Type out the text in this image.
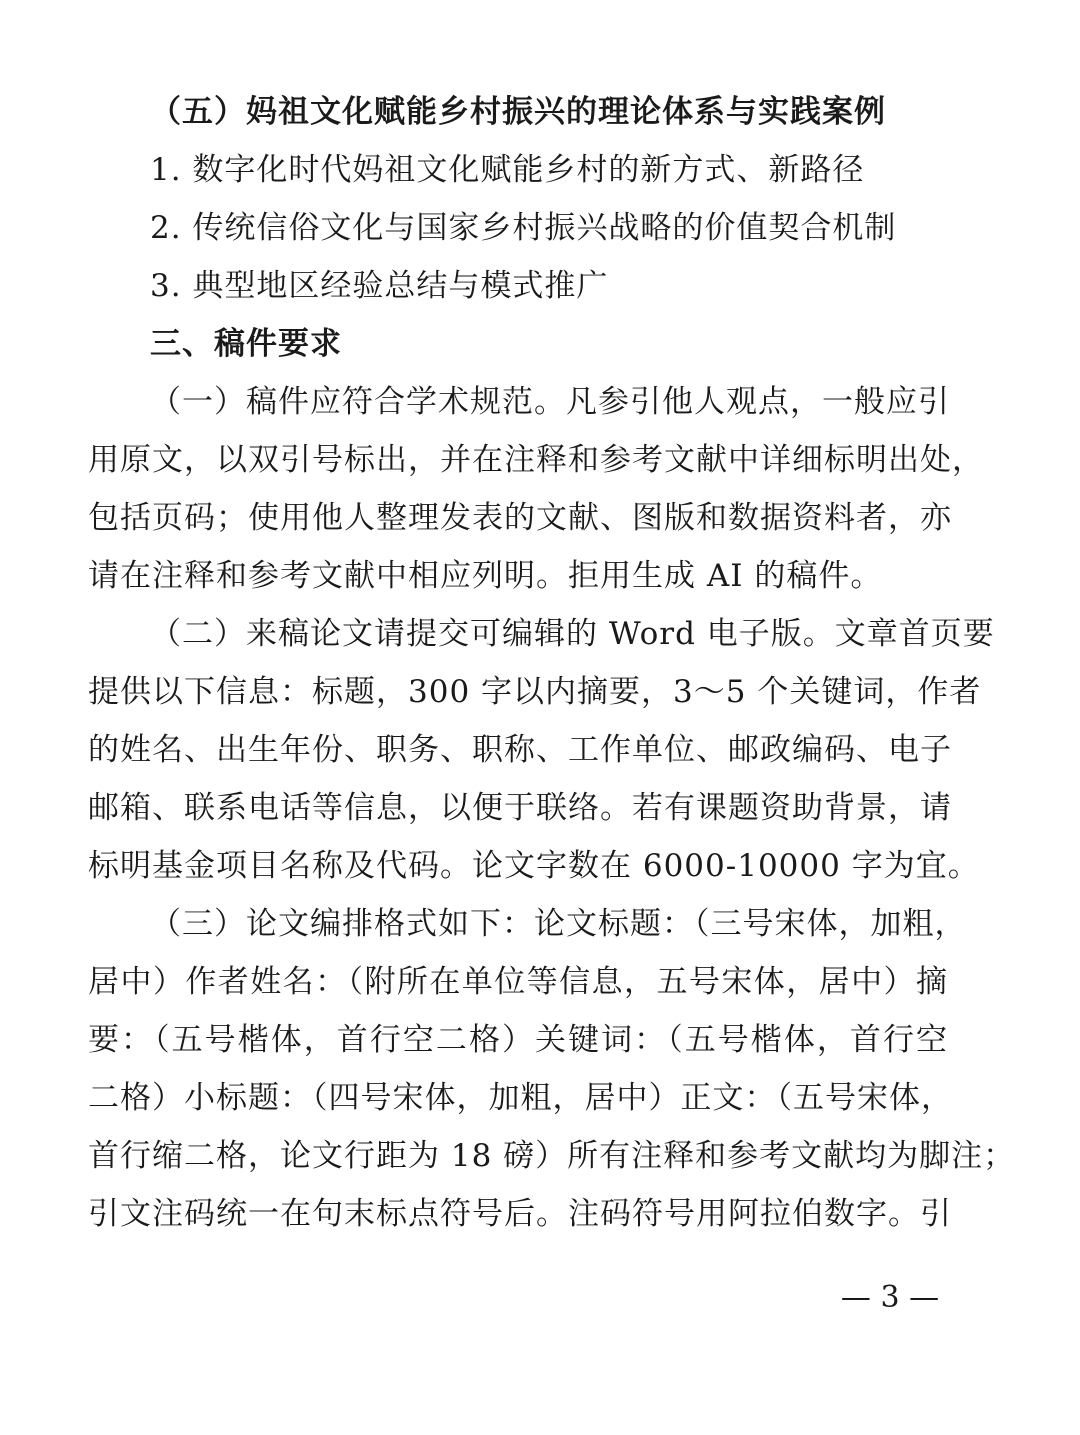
（五）妈祖文化赋能乡村振兴的理论体系与实践案例
1. 数字化时代妈祖文化赋能乡村的新方式、新路径
2. 传统信俗文化与国家乡村振兴战略的价值契合机制
3. 典型地区经验总结与模式推广
三、稿件要求
（一）稿件应符合学术规范。凡参引他人观点，一般应引
用原文，以双引号标出，并在注释和参考文献中详细标明出处，
包括页码；使用他人整理发表的文献、图版和数据资料者，亦
请在注释和参考文献中相应列明。拒用生成 AI 的稿件。
（二）来稿论文请提交可编辑的 Word 电子版。文章首页要
提供以下信息：标题，300 字以内摘要，3～5 个关键词，作者
的姓名、出生年份、职务、职称、工作单位、邮政编码、电子
邮箱、联系电话等信息，以便于联络。若有课题资助背景，请
标明基金项目名称及代码。论文字数在 6000-10000 字为宜。
（三）论文编排格式如下：论文标题：（三号宋体，加粗，
居中）作者姓名：（附所在单位等信息，五号宋体，居中）摘
要：（五号楷体，首行空二格）关键词：（五号楷体，首行空
二格）小标题：（四号宋体，加粗，居中）正文：（五号宋体，
首行缩二格，论文行距为 18 磅）所有注释和参考文献均为脚注；
引文注码统一在句末标点符号后。注码符号用阿拉伯数字。引
— 3 —
